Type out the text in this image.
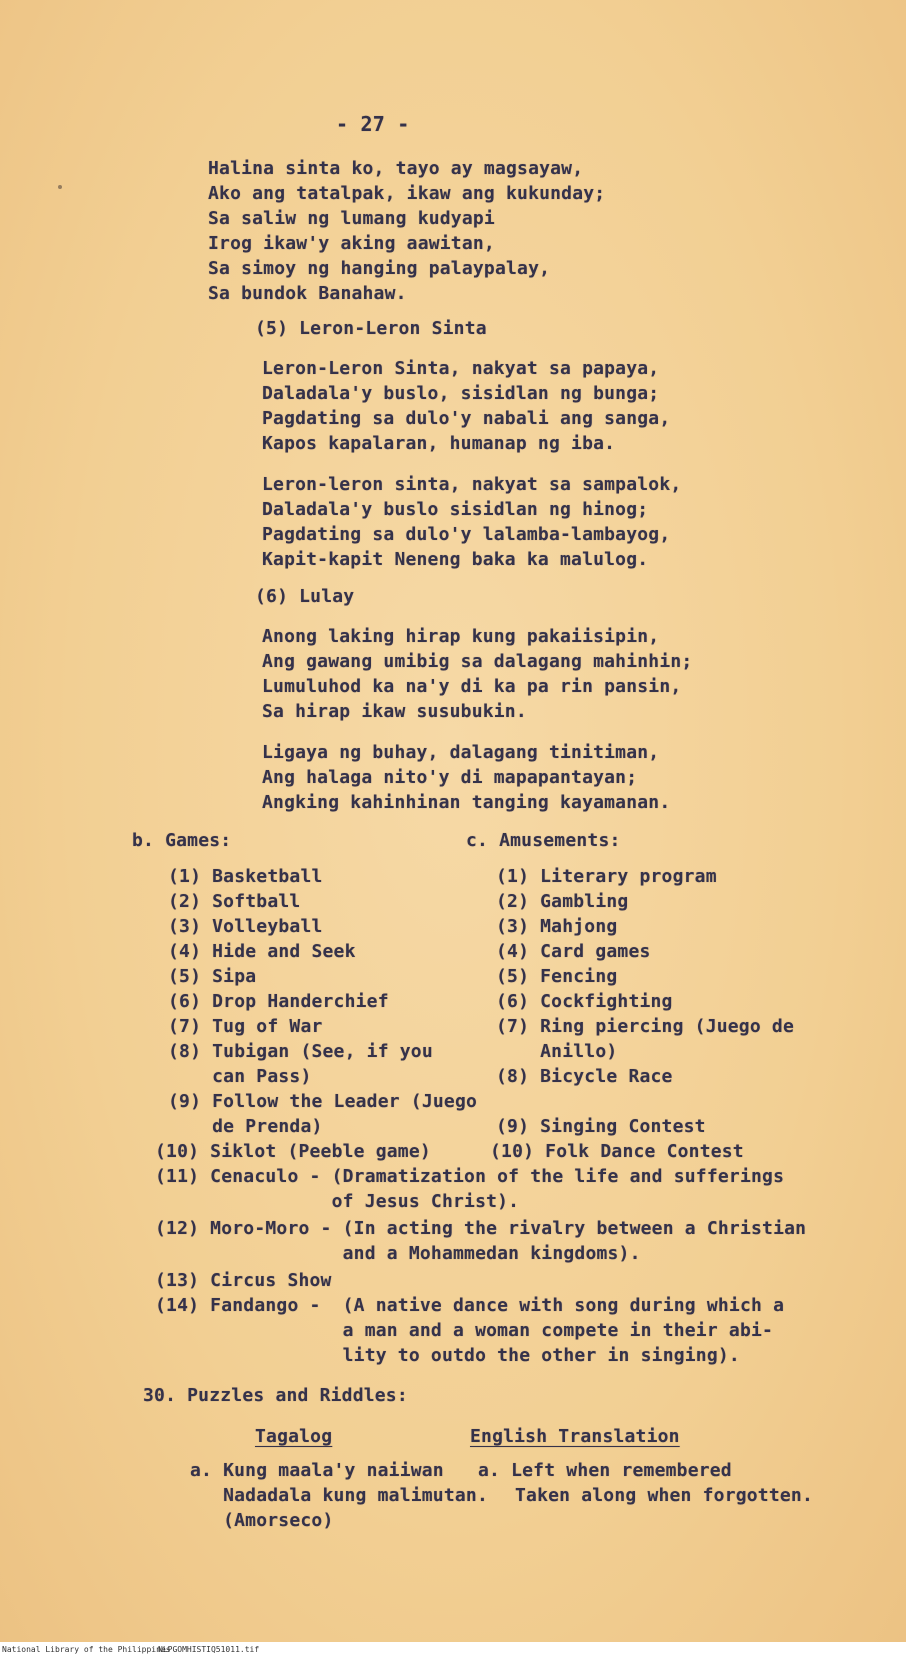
- 27 -
Halina sinta ko, tayo ay magsayaw,
Ako ang tatalpak, ikaw ang kukunday;
Sa saliw ng lumang kudyapi
Irog ikaw'y aking aawitan,
Sa simoy ng hanging palaypalay,
Sa bundok Banahaw.
(5) Leron-Leron Sinta
Leron-Leron Sinta, nakyat sa papaya,
Daladala'y buslo, sisidlan ng bunga;
Pagdating sa dulo'y nabali ang sanga,
Kapos kapalaran, humanap ng iba.
Leron-leron sinta, nakyat sa sampalok,
Daladala'y buslo sisidlan ng hinog;
Pagdating sa dulo'y lalamba-lambayog,
Kapit-kapit Neneng baka ka malulog.
(6) Lulay
Anong laking hirap kung pakaiisipin,
Ang gawang umibig sa dalagang mahinhin;
Lumuluhod ka na'y di ka pa rin pansin,
Sa hirap ikaw susubukin.
Ligaya ng buhay, dalagang tinitiman,
Ang halaga nito'y di mapapantayan;
Angking kahinhinan tanging kayamanan.
b. Games:
(1) Basketball
(2) Softball
(3) Volleyball
(4) Hide and Seek
(5) Sipa
(6) Drop Handerchief
(7) Tug of War
(8) Tubigan (See, if you
can Pass)
(9) Follow the Leader (Juego
de Prenda)
(10) Siklot (Peeble game)
c. Amusements:
(1) Literary program
(2) Gambling
(3) Mahjong
(4) Card games
(5) Fencing
(6) Cockfighting
(7) Ring piercing (Juego de
Anillo)
(8) Bicycle Race
(9) Singing Contest
(10) Folk Dance Contest
(11) Cenaculo - (Dramatization of the life and sufferings
of Jesus Christ).
(12) Moro-Moro - (In acting the rivalry between a Christian
and a Mohammedan kingdoms).
(13) Circus Show
(14) Fandango -  (A native dance with song during which a
a man and a woman compete in their abi-
lity to outdo the other in singing).
30. Puzzles and Riddles:
Tagalog	English Translation
a. Kung maala'y naiiwan
Nadadala kung malimutan.
(Amorseco)
a. Left when remembered
Taken along when forgotten.
National Library of the Philippines
NLPGOMHISTIQ51011.tif
